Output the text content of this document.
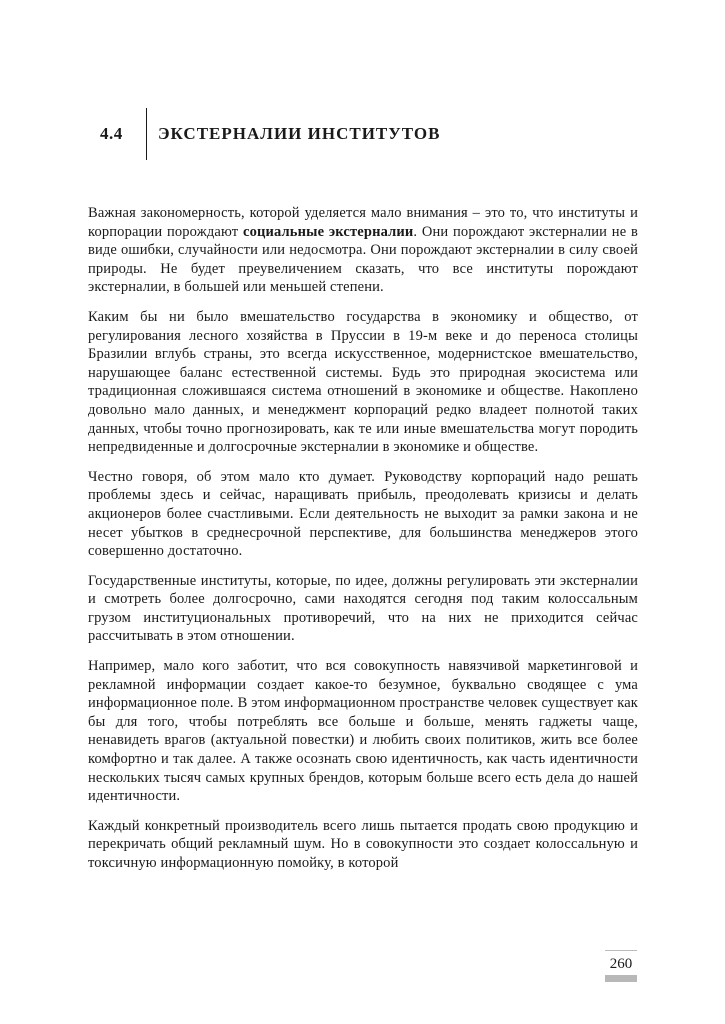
4.4 ЭКСТЕРНАЛИИ ИНСТИТУТОВ

Важная закономерность, которой уделяется мало внимания – это то, что институты и корпорации порождают социальные экстерналии. Они порождают экстерналии не в виде ошибки, случайности или недосмотра. Они порождают экстерналии в силу своей природы. Не будет преувеличением сказать, что все институты порождают экстерналии, в большей или меньшей степени.

Каким бы ни было вмешательство государства в экономику и общество, от регулирования лесного хозяйства в Пруссии в 19-м веке и до переноса столицы Бразилии вглубь страны, это всегда искусственное, модернистское вмешательство, нарушающее баланс естественной системы. Будь это природная экосистема или традиционная сложившаяся система отношений в экономике и обществе. Накоплено довольно мало данных, и менеджмент корпораций редко владеет полнотой таких данных, чтобы точно прогнозировать, как те или иные вмешательства могут породить непредвиденные и долгосрочные экстерналии в экономике и обществе.

Честно говоря, об этом мало кто думает. Руководству корпораций надо решать проблемы здесь и сейчас, наращивать прибыль, преодолевать кризисы и делать акционеров более счастливыми. Если деятельность не выходит за рамки закона и не несет убытков в среднесрочной перспективе, для большинства менеджеров этого совершенно достаточно.

Государственные институты, которые, по идее, должны регулировать эти экстерналии и смотреть более долгосрочно, сами находятся сегодня под таким колоссальным грузом институциональных противоречий, что на них не приходится сейчас рассчитывать в этом отношении.

Например, мало кого заботит, что вся совокупность навязчивой маркетинговой и рекламной информации создает какое-то безумное, буквально сводящее с ума информационное поле. В этом информационном пространстве человек существует как бы для того, чтобы потреблять все больше и больше, менять гаджеты чаще, ненавидеть врагов (актуальной повестки) и любить своих политиков, жить все более комфортно и так далее. А также осознать свою идентичность, как часть идентичности нескольких тысяч самых крупных брендов, которым больше всего есть дела до нашей идентичности.

Каждый конкретный производитель всего лишь пытается продать свою продукцию и перекричать общий рекламный шум. Но в совокупности это создает колоссальную и токсичную информационную помойку, в которой

260
